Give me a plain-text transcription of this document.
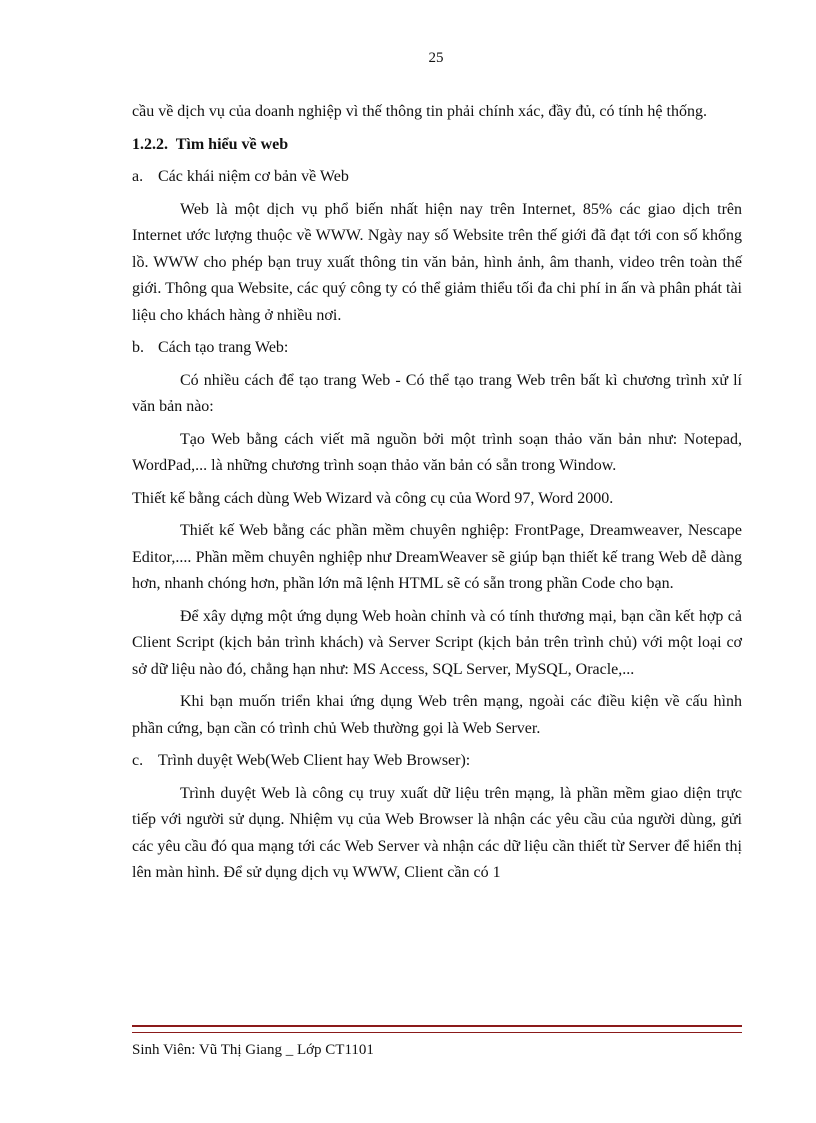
25

cầu về dịch vụ của doanh nghiệp vì thế thông tin phải chính xác, đầy đủ, có tính hệ thống.

1.2.2. Tìm hiểu về web

a. Các khái niệm cơ bản về Web

Web là một dịch vụ phổ biến nhất hiện nay trên Internet, 85% các giao dịch trên Internet ước lượng thuộc về WWW. Ngày nay số Website trên thế giới đã đạt tới con số khổng lồ. WWW cho phép bạn truy xuất thông tin văn bản, hình ảnh, âm thanh, video trên toàn thế giới. Thông qua Website, các quý công ty có thể giảm thiểu tối đa chi phí in ấn và phân phát tài liệu cho khách hàng ở nhiều nơi.

b. Cách tạo trang Web:

Có nhiều cách để tạo trang Web - Có thể tạo trang Web trên bất kì chương trình xử lí văn bản nào:

Tạo Web bằng cách viết mã nguồn bởi một trình soạn thảo văn bản như: Notepad, WordPad,... là những chương trình soạn thảo văn bản có sẵn trong Window.

Thiết kế bằng cách dùng Web Wizard và công cụ của Word 97, Word 2000.

Thiết kế Web bằng các phần mềm chuyên nghiệp: FrontPage, Dreamweaver, Nescape Editor,.... Phần mềm chuyên nghiệp như DreamWeaver sẽ giúp bạn thiết kế trang Web dễ dàng hơn, nhanh chóng hơn, phần lớn mã lệnh HTML sẽ có sẵn trong phần Code cho bạn.

Để xây dựng một ứng dụng Web hoàn chỉnh và có tính thương mại, bạn cần kết hợp cả Client Script (kịch bản trình khách) và Server Script (kịch bản trên trình chủ) với một loại cơ sở dữ liệu nào đó, chẳng hạn như: MS Access, SQL Server, MySQL, Oracle,...

Khi bạn muốn triển khai ứng dụng Web trên mạng, ngoài các điều kiện về cấu hình phần cứng, bạn cần có trình chủ Web thường gọi là Web Server.

c. Trình duyệt Web(Web Client hay Web Browser):

Trình duyệt Web là công cụ truy xuất dữ liệu trên mạng, là phần mềm giao diện trực tiếp với người sử dụng. Nhiệm vụ của Web Browser là nhận các yêu cầu của người dùng, gửi các yêu cầu đó qua mạng tới các Web Server và nhận các dữ liệu cần thiết từ Server để hiển thị lên màn hình. Để sử dụng dịch vụ WWW, Client cần có 1

Sinh Viên: Vũ Thị Giang _ Lớp CT1101
